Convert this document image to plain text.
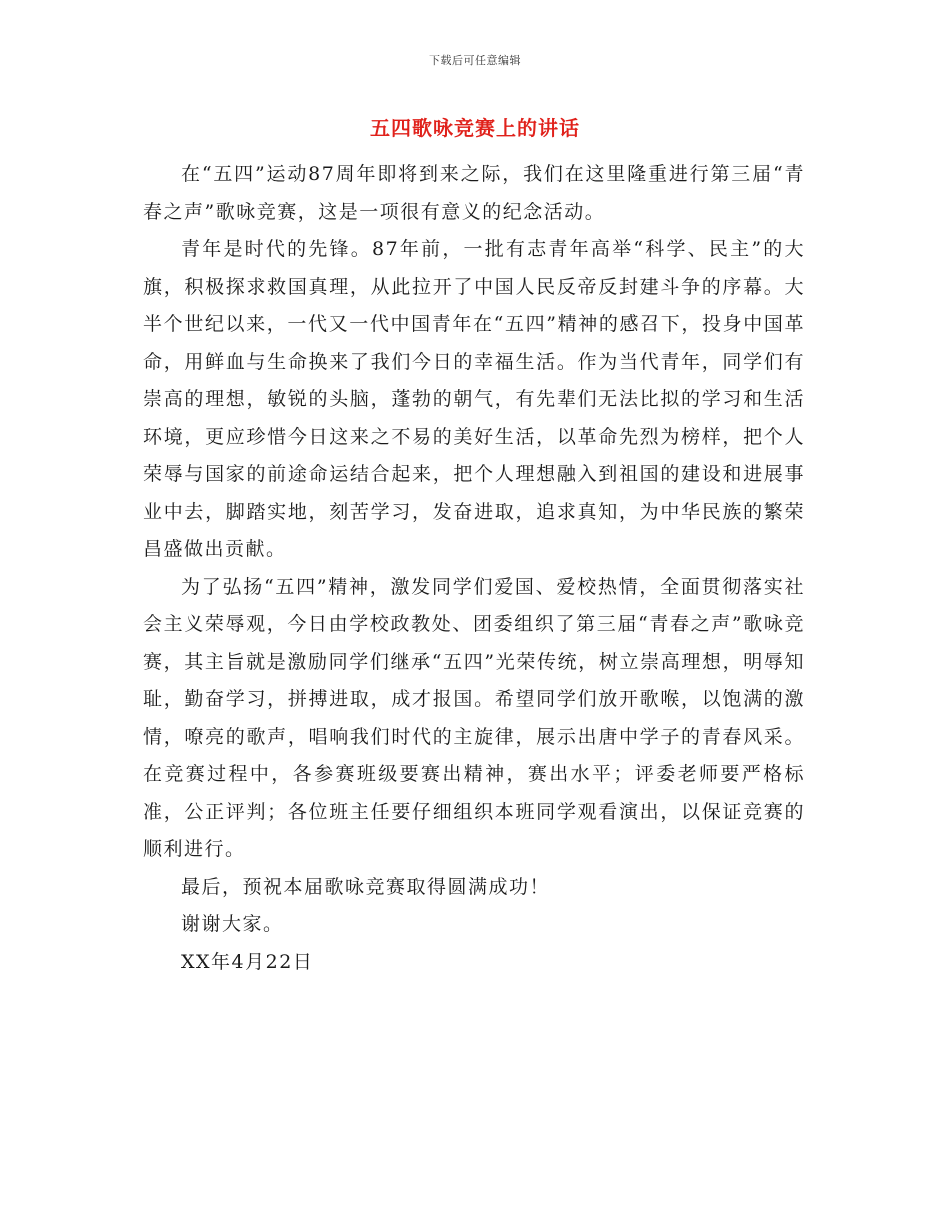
下载后可任意编辑
五四歌咏竞赛上的讲话

在“五四”运动87周年即将到来之际，我们在这里隆重进行第三届“青春之声”歌咏竞赛，这是一项很有意义的纪念活动。

青年是时代的先锋。87年前，一批有志青年高举“科学、民主”的大旗，积极探求救国真理，从此拉开了中国人民反帝反封建斗争的序幕。大半个世纪以来，一代又一代中国青年在“五四”精神的感召下，投身中国革命，用鲜血与生命换来了我们今日的幸福生活。作为当代青年，同学们有崇高的理想，敏锐的头脑，蓬勃的朝气，有先辈们无法比拟的学习和生活环境，更应珍惜今日这来之不易的美好生活，以革命先烈为榜样，把个人荣辱与国家的前途命运结合起来，把个人理想融入到祖国的建设和进展事业中去，脚踏实地，刻苦学习，发奋进取，追求真知，为中华民族的繁荣昌盛做出贡献。

为了弘扬“五四”精神，激发同学们爱国、爱校热情，全面贯彻落实社会主义荣辱观，今日由学校政教处、团委组织了第三届“青春之声”歌咏竞赛，其主旨就是激励同学们继承“五四”光荣传统，树立崇高理想，明辱知耻，勤奋学习，拼搏进取，成才报国。希望同学们放开歌喉，以饱满的激情，嘹亮的歌声，唱响我们时代的主旋律，展示出唐中学子的青春风采。在竞赛过程中，各参赛班级要赛出精神，赛出水平；评委老师要严格标准，公正评判；各位班主任要仔细组织本班同学观看演出，以保证竞赛的顺利进行。

最后，预祝本届歌咏竞赛取得圆满成功！

谢谢大家。

XX年4月22日
